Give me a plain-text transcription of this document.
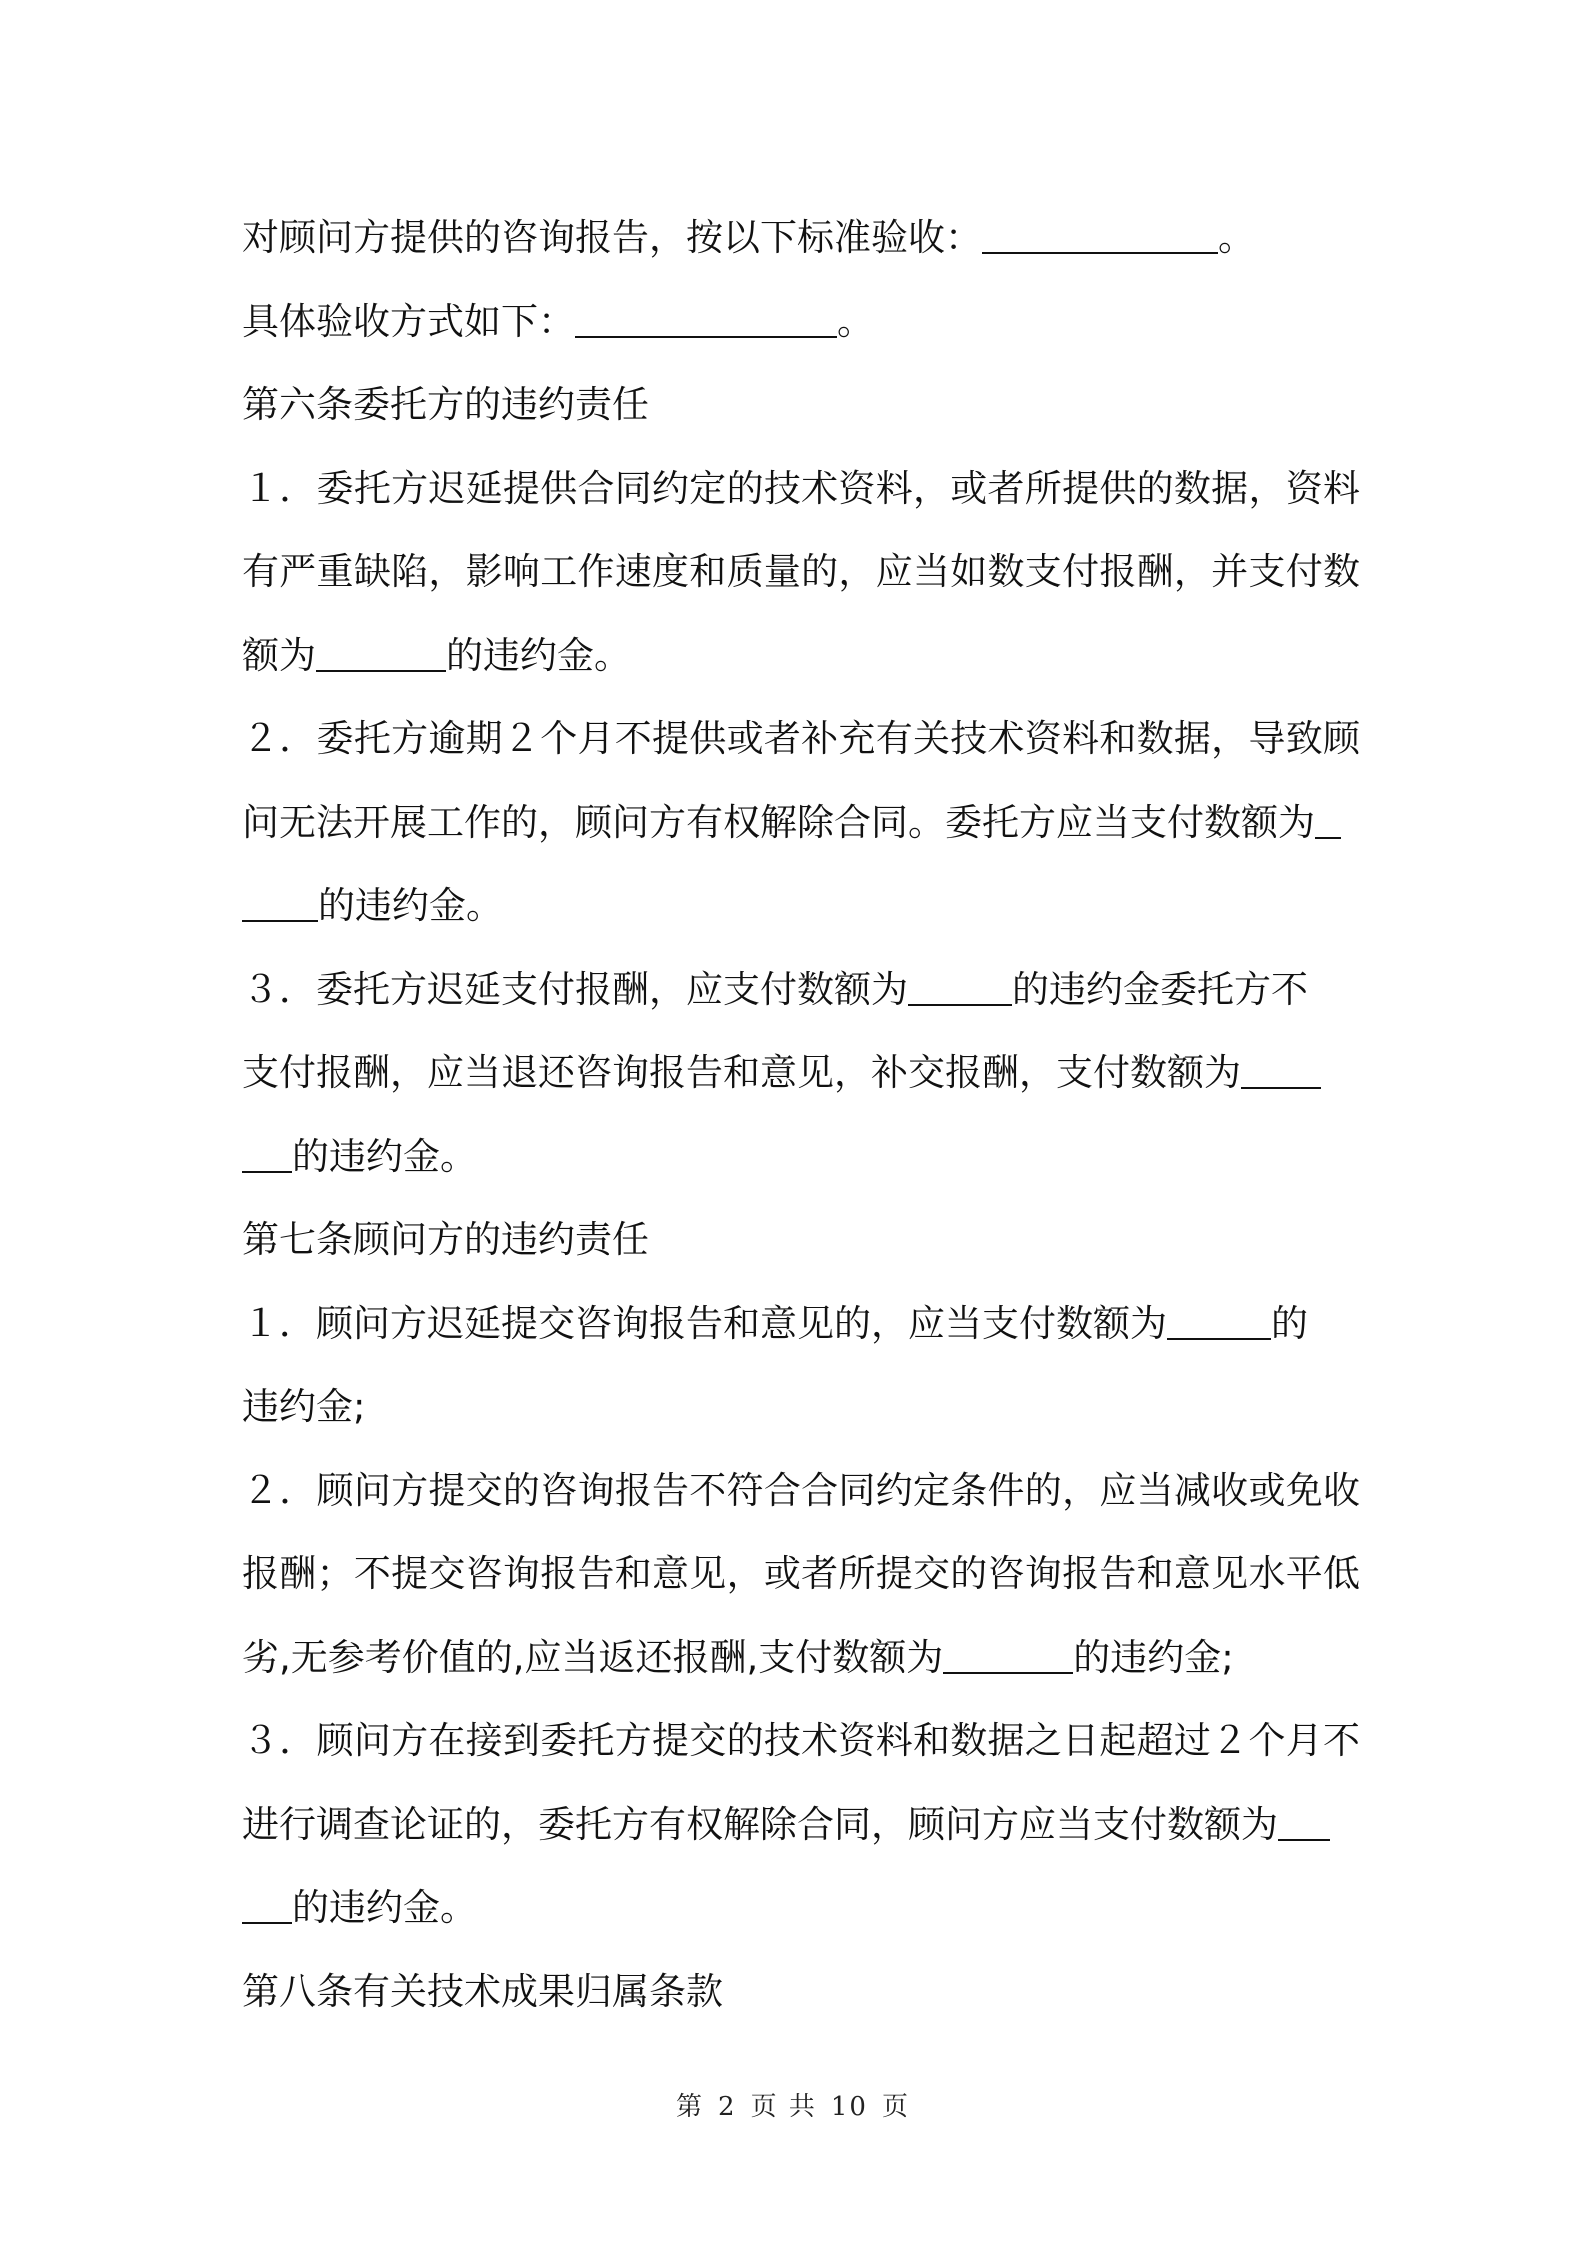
对顾问方提供的咨询报告，按以下标准验收：	。
具体验收方式如下：	。
第六条委托方的违约责任
１．委托方迟延提供合同约定的技术资料，或者所提供的数据，资料
有严重缺陷，影响工作速度和质量的，应当如数支付报酬，并支付数
额为	的违约金。
２．委托方逾期２个月不提供或者补充有关技术资料和数据，导致顾
问无法开展工作的，顾问方有权解除合同。委托方应当支付数额为
的违约金。
３．委托方迟延支付报酬，应支付数额为	的违约金委托方不
支付报酬，应当退还咨询报告和意见，补交报酬，支付数额为
的违约金。
第七条顾问方的违约责任
１．顾问方迟延提交咨询报告和意见的，应当支付数额为	的
违约金;
２．顾问方提交的咨询报告不符合合同约定条件的，应当减收或免收
报酬；不提交咨询报告和意见，或者所提交的咨询报告和意见水平低
劣,无参考价值的,应当返还报酬,支付数额为	的违约金;
３．顾问方在接到委托方提交的技术资料和数据之日起超过２个月不
进行调查论证的，委托方有权解除合同，顾问方应当支付数额为
的违约金。
第八条有关技术成果归属条款
第 2 页 共 10 页
